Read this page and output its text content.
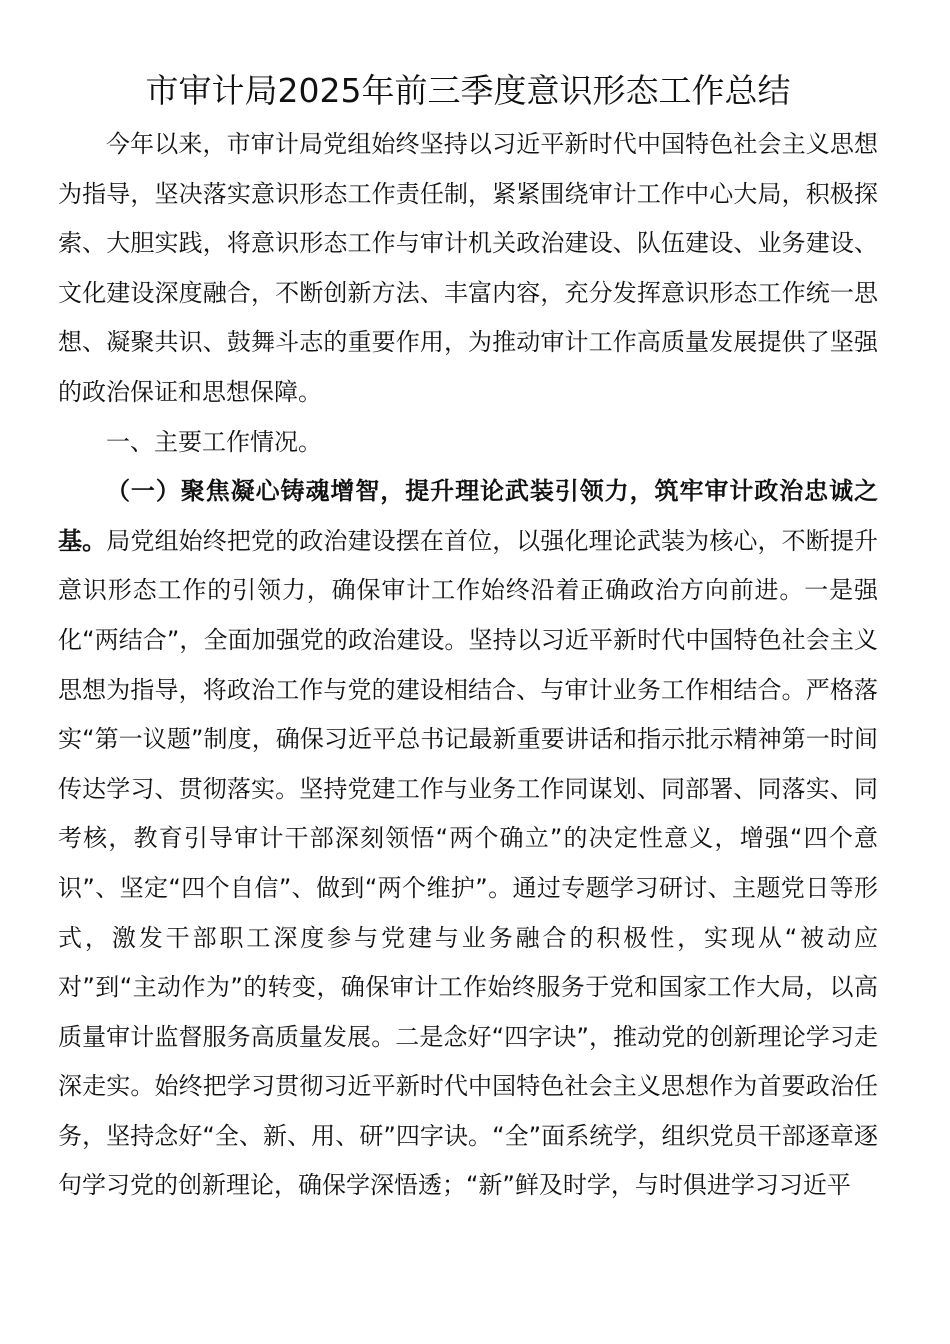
市审计局2025年前三季度意识形态工作总结

今年以来，市审计局党组始终坚持以习近平新时代中国特色社会主义思想为指导，坚决落实意识形态工作责任制，紧紧围绕审计工作中心大局，积极探索、大胆实践，将意识形态工作与审计机关政治建设、队伍建设、业务建设、文化建设深度融合，不断创新方法、丰富内容，充分发挥意识形态工作统一思想、凝聚共识、鼓舞斗志的重要作用，为推动审计工作高质量发展提供了坚强的政治保证和思想保障。

一、主要工作情况。

（一）聚焦凝心铸魂增智，提升理论武装引领力，筑牢审计政治忠诚之基。局党组始终把党的政治建设摆在首位，以强化理论武装为核心，不断提升意识形态工作的引领力，确保审计工作始终沿着正确政治方向前进。一是强化“两结合”，全面加强党的政治建设。坚持以习近平新时代中国特色社会主义思想为指导，将政治工作与党的建设相结合、与审计业务工作相结合。严格落实“第一议题”制度，确保习近平总书记最新重要讲话和指示批示精神第一时间传达学习、贯彻落实。坚持党建工作与业务工作同谋划、同部署、同落实、同考核，教育引导审计干部深刻领悟“两个确立”的决定性意义，增强“四个意识”、坚定“四个自信”、做到“两个维护”。通过专题学习研讨、主题党日等形式，激发干部职工深度参与党建与业务融合的积极性，实现从“被动应对”到“主动作为”的转变，确保审计工作始终服务于党和国家工作大局，以高质量审计监督服务高质量发展。二是念好“四字诀”，推动党的创新理论学习走深走实。始终把学习贯彻习近平新时代中国特色社会主义思想作为首要政治任务，坚持念好“全、新、用、研”四字诀。“全”面系统学，组织党员干部逐章逐句学习党的创新理论，确保学深悟透；“新”鲜及时学，与时俱进学习习近平
